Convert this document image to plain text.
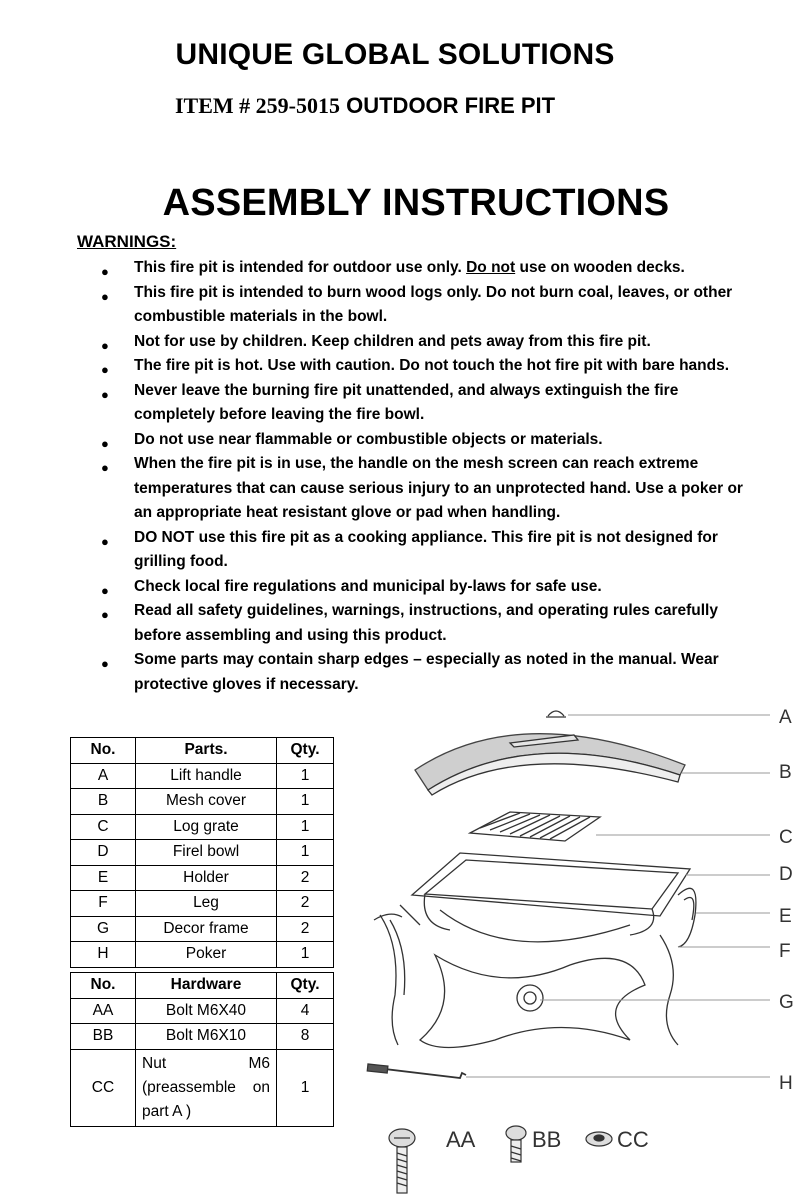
UNIQUE GLOBAL SOLUTIONS
ITEM # 259-5015 OUTDOOR FIRE PIT
ASSEMBLY INSTRUCTIONS
WARNINGS:
● This fire pit is intended for outdoor use only. Do not use on wooden decks.
● This fire pit is intended to burn wood logs only. Do not burn coal, leaves, or other combustible materials in the bowl.
● Not for use by children. Keep children and pets away from this fire pit.
● The fire pit is hot. Use with caution. Do not touch the hot fire pit with bare hands.
● Never leave the burning fire pit unattended, and always extinguish the fire completely before leaving the fire bowl.
● Do not use near flammable or combustible objects or materials.
● When the fire pit is in use, the handle on the mesh screen can reach extreme temperatures that can cause serious injury to an unprotected hand. Use a poker or an appropriate heat resistant glove or pad when handling.
● DO NOT use this fire pit as a cooking appliance. This fire pit is not designed for grilling food.
● Check local fire regulations and municipal by-laws for safe use.
● Read all safety guidelines, warnings, instructions, and operating rules carefully before assembling and using this product.
● Some parts may contain sharp edges – especially as noted in the manual. Wear protective gloves if necessary.
No.	Parts.	Qty.
A	Lift handle	1
B	Mesh cover	1
C	Log grate	1
D	Firel bowl	1
E	Holder	2
F	Leg	2
G	Decor frame	2
H	Poker	1
No.	Hardware	Qty.
AA	Bolt M6X40	4
BB	Bolt M6X10	8
CC	Nut M6
(preassemble on
part A )	1
A
B
C
D
E
F
G
H
AA	BB	CC
